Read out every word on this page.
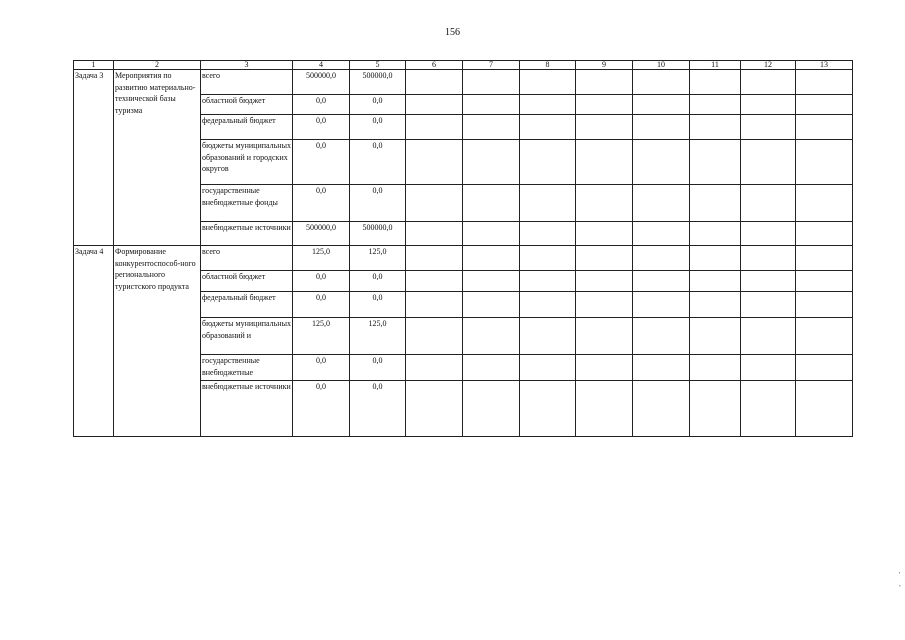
156
1	2	3	4	5	6	7	8	9	10	11	12	13
Задача 3	Мероприятия по развитию материально-технической базы туризма	всего	500000,0	500000,0								
		областной бюджет	0,0	0,0								
		федеральный бюджет	0,0	0,0								
		бюджеты муниципальных образований и городских округов	0,0	0,0								
		государственные внебюджетные фонды	0,0	0,0								
		внебюджетные источники	500000,0	500000,0								
Задача 4	Формирование конкурентоспособ-ного регионального туристского продукта	всего	125,0	125,0								
		областной бюджет	0,0	0,0								
		федеральный бюджет	0,0	0,0								
		бюджеты муниципальных образований и	125,0	125,0								
		государственные внебюджетные	0,0	0,0								
		внебюджетные источники	0,0	0,0								
'
,
